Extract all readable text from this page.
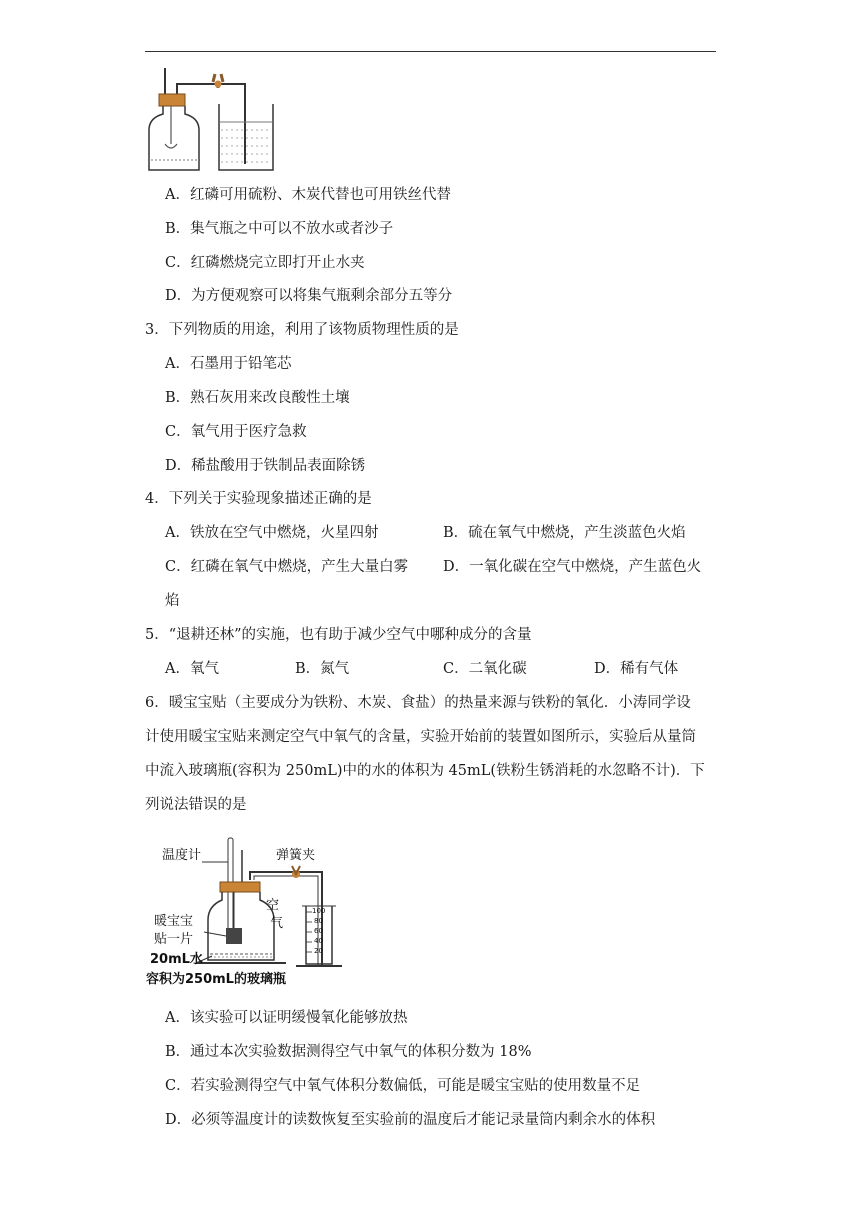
A．红磷可用硫粉、木炭代替也可用铁丝代替
B．集气瓶之中可以不放水或者沙子
C．红磷燃烧完立即打开止水夹
D．为方便观察可以将集气瓶剩余部分五等分
3．下列物质的用途，利用了该物质物理性质的是
A．石墨用于铅笔芯
B．熟石灰用来改良酸性土壤
C．氧气用于医疗急救
D．稀盐酸用于铁制品表面除锈
4．下列关于实验现象描述正确的是
A．铁放在空气中燃烧，火星四射	B．硫在氧气中燃烧，产生淡蓝色火焰
C．红磷在氧气中燃烧，产生大量白雾 D．一氧化碳在空气中燃烧，产生蓝色火
焰
5．“退耕还林”的实施，也有助于减少空气中哪种成分的含量
A．氧气	B．氮气	C．二氧化碳	D．稀有气体
6．暖宝宝贴（主要成分为铁粉、木炭、食盐）的热量来源与铁粉的氧化．小涛同学设
计使用暖宝宝贴来测定空气中氧气的含量，实验开始前的装置如图所示，实验后从量筒
中流入玻璃瓶(容积为 250mL)中的水的体积为 45mL(铁粉生锈消耗的水忽略不计)．下
列说法错误的是
温度计	弹簧夹
空
气
暖宝宝
贴一片
20mL水
容积为250mL的玻璃瓶
100
80
60
40
20
A．该实验可以证明缓慢氧化能够放热
B．通过本次实验数据测得空气中氧气的体积分数为 18%
C．若实验测得空气中氧气体积分数偏低，可能是暖宝宝贴的使用数量不足
D．必须等温度计的读数恢复至实验前的温度后才能记录量筒内剩余水的体积
